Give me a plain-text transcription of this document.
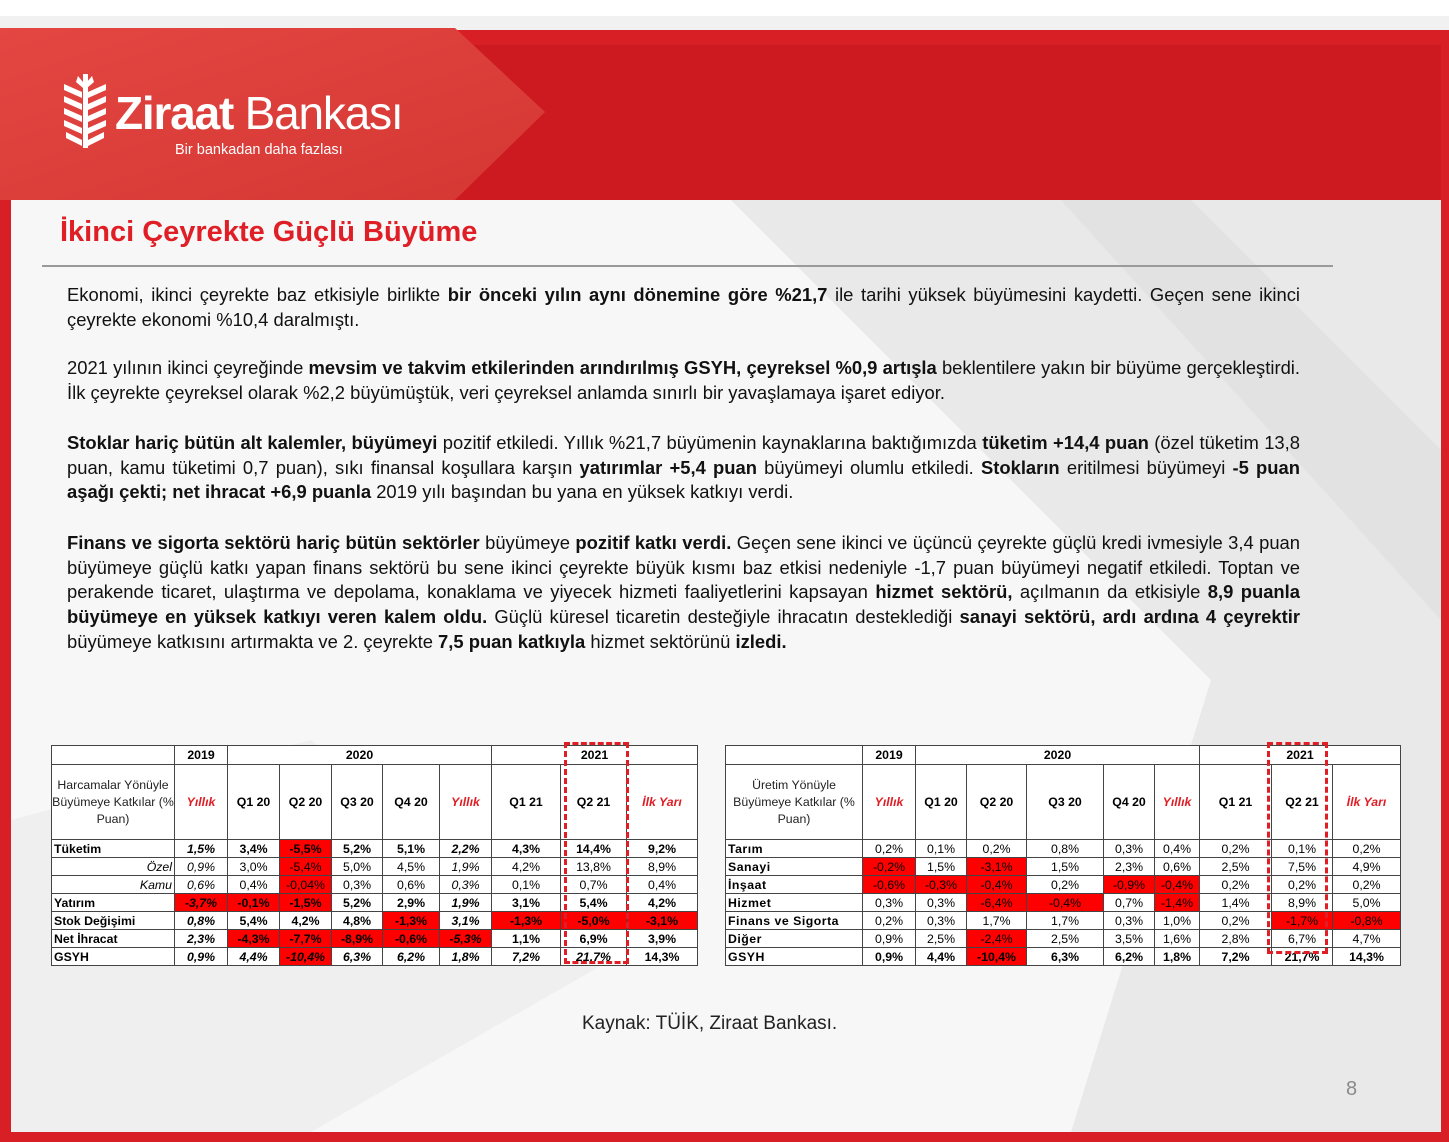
Ziraat Bankası
Bir bankadan daha fazlası
İkinci Çeyrekte Güçlü Büyüme
Ekonomi, ikinci çeyrekte baz etkisiyle birlikte bir önceki yılın aynı dönemine göre %21,7 ile tarihi yüksek büyümesini kaydetti. Geçen sene ikinci çeyrekte ekonomi %10,4 daralmıştı.
2021 yılının ikinci çeyreğinde mevsim ve takvim etkilerinden arındırılmış GSYH, çeyreksel %0,9 artışla beklentilere yakın bir büyüme gerçekleştirdi. İlk çeyrekte çeyreksel olarak %2,2 büyümüştük, veri çeyreksel anlamda sınırlı bir yavaşlamaya işaret ediyor.
Stoklar hariç bütün alt kalemler, büyümeyi pozitif etkiledi. Yıllık %21,7 büyümenin kaynaklarına baktığımızda tüketim +14,4 puan (özel tüketim 13,8 puan, kamu tüketimi 0,7 puan), sıkı finansal koşullara karşın yatırımlar +5,4 puan büyümeyi olumlu etkiledi. Stokların eritilmesi büyümeyi -5 puan aşağı çekti; net ihracat +6,9 puanla 2019 yılı başından bu yana en yüksek katkıyı verdi.
Finans ve sigorta sektörü hariç bütün sektörler büyümeye pozitif katkı verdi. Geçen sene ikinci ve üçüncü çeyrekte güçlü kredi ivmesiyle 3,4 puan büyümeye güçlü katkı yapan finans sektörü bu sene ikinci çeyrekte büyük kısmı baz etkisi nedeniyle -1,7 puan büyümeyi negatif etkiledi. Toptan ve perakende ticaret, ulaştırma ve depolama, konaklama ve yiyecek hizmeti faaliyetlerini kapsayan hizmet sektörü, açılmanın da etkisiyle 8,9 puanla büyümeye en yüksek katkıyı veren kalem oldu. Güçlü küresel ticaretin desteğiyle ihracatın desteklediği sanayi sektörü, ardı ardına 4 çeyrektir büyümeye katkısını artırmakta ve 2. çeyrekte 7,5 puan katkıyla hizmet sektörünü izledi.
	2019	2020					2021		
Harcamalar Yönüyle Büyümeye Katkılar (% Puan)	Yıllık	Q1 20	Q2 20	Q3 20	Q4 20	Yıllık	Q1 21	Q2 21	İlk Yarı
Tüketim	1,5%	3,4%	-5,5%	5,2%	5,1%	2,2%	4,3%	14,4%	9,2%
Özel	0,9%	3,0%	-5,4%	5,0%	4,5%	1,9%	4,2%	13,8%	8,9%
Kamu	0,6%	0,4%	-0,04%	0,3%	0,6%	0,3%	0,1%	0,7%	0,4%
Yatırım	-3,7%	-0,1%	-1,5%	5,2%	2,9%	1,9%	3,1%	5,4%	4,2%
Stok Değişimi	0,8%	5,4%	4,2%	4,8%	-1,3%	3,1%	-1,3%	-5,0%	-3,1%
Net İhracat	2,3%	-4,3%	-7,7%	-8,9%	-0,6%	-5,3%	1,1%	6,9%	3,9%
GSYH	0,9%	4,4%	-10,4%	6,3%	6,2%	1,8%	7,2%	21,7%	14,3%
	2019	2020					2021		
Üretim Yönüyle Büyümeye Katkılar (% Puan)	Yıllık	Q1 20	Q2 20	Q3 20	Q4 20	Yıllık	Q1 21	Q2 21	İlk Yarı
Tarım	0,2%	0,1%	0,2%	0,8%	0,3%	0,4%	0,2%	0,1%	0,2%
Sanayi	-0,2%	1,5%	-3,1%	1,5%	2,3%	0,6%	2,5%	7,5%	4,9%
İnşaat	-0,6%	-0,3%	-0,4%	0,2%	-0,9%	-0,4%	0,2%	0,2%	0,2%
Hizmet	0,3%	0,3%	-6,4%	-0,4%	0,7%	-1,4%	1,4%	8,9%	5,0%
Finans ve Sigorta	0,2%	0,3%	1,7%	1,7%	0,3%	1,0%	0,2%	-1,7%	-0,8%
Diğer	0,9%	2,5%	-2,4%	2,5%	3,5%	1,6%	2,8%	6,7%	4,7%
GSYH	0,9%	4,4%	-10,4%	6,3%	6,2%	1,8%	7,2%	21,7%	14,3%
Kaynak: TÜİK, Ziraat Bankası.
8
